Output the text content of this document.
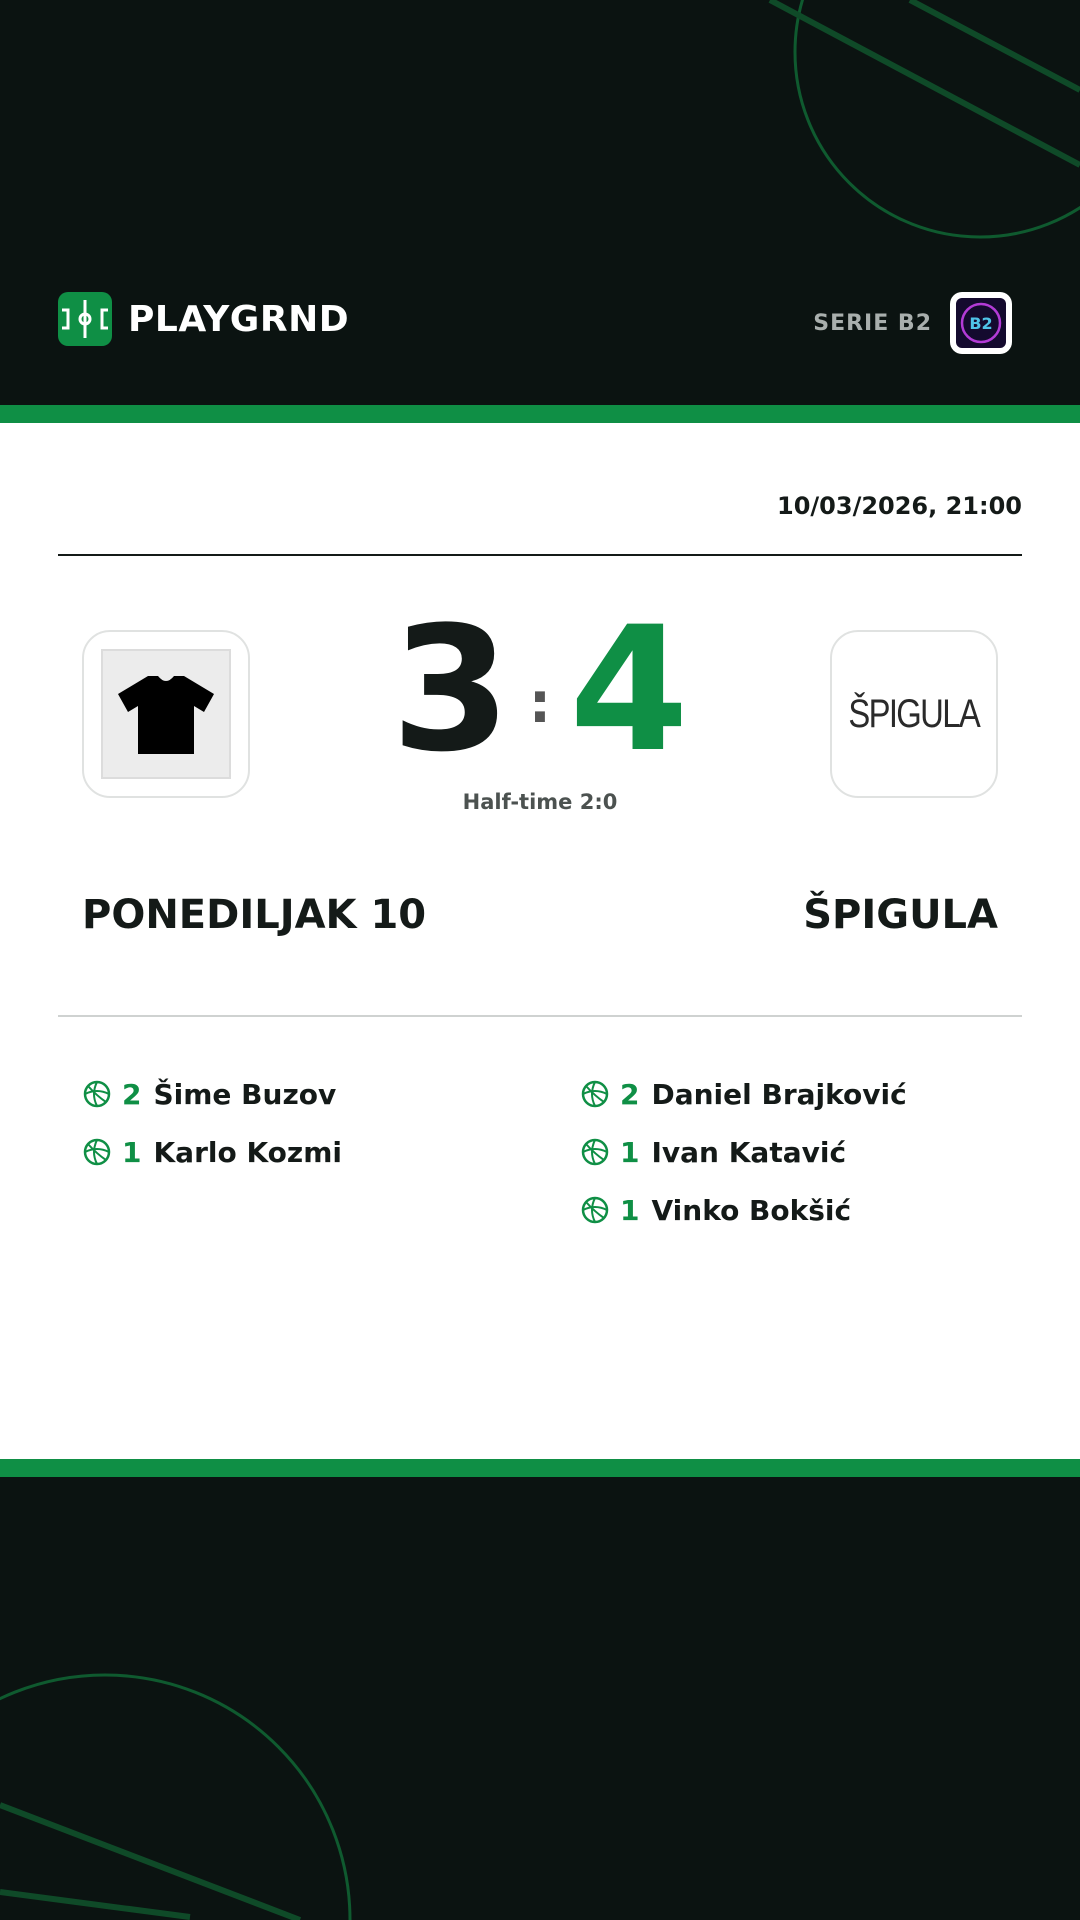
PLAYGRND	SERIE B2 B2
10/03/2026, 21:00
3 : 4
Half-time 2:0
ŠPIGULA
PONEDILJAK 10	ŠPIGULA
2 Šime Buzov
1 Karlo Kozmi
2 Daniel Brajković
1 Ivan Katavić
1 Vinko Bokšić
